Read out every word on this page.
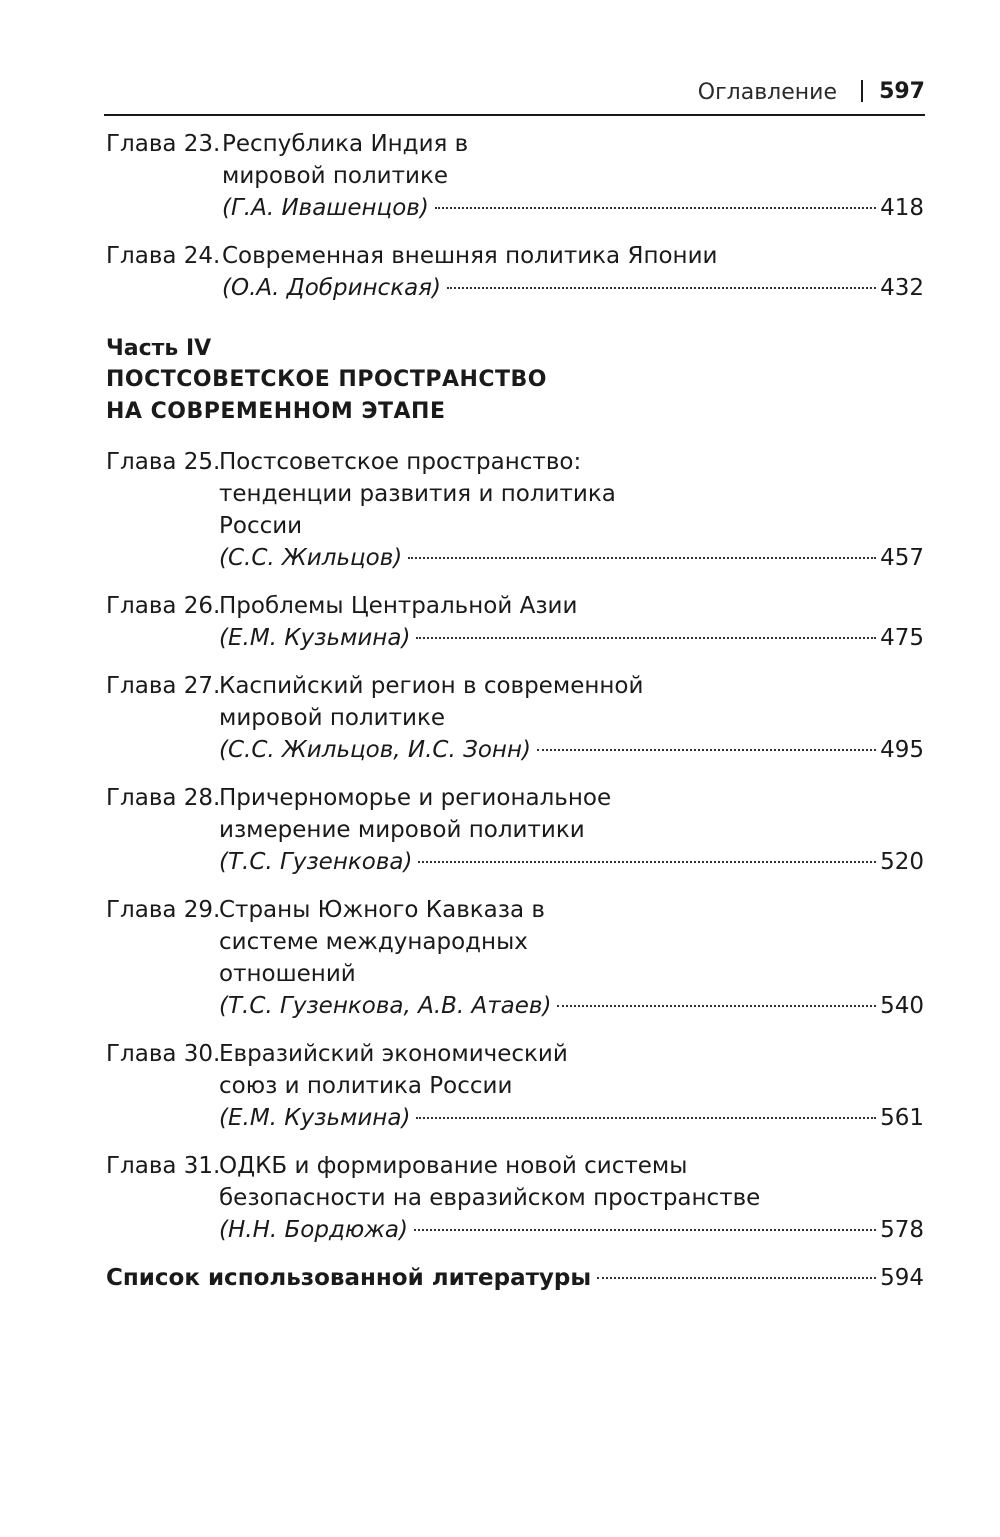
Оглавление 597
Глава 23. Республика Индия в мировой политике
(Г.А. Ивашенцов)	418
Глава 24. Современная внешняя политика Японии
(О.А. Добринская)	432
Часть IV
ПОСТСОВЕТСКОЕ ПРОСТРАНСТВО НА СОВРЕМЕННОМ ЭТАПЕ
Глава 25.
Постсоветское пространство: тенденции развития и политика России
(С.С. Жильцов)	457
Глава 26.
Проблемы Центральной Азии
(Е.М. Кузьмина)	475
Глава 27.
Каспийский регион в современной мировой политике
(С.С. Жильцов, И.С. Зонн)	495
Глава 28.
Причерноморье и региональное измерение мировой политики
(Т.С. Гузенкова)	520
Глава 29.
Страны Южного Кавказа в системе международных отношений
(Т.С. Гузенкова, А.В. Атаев)	540
Глава 30.
Евразийский экономический союз и политика России
(Е.М. Кузьмина)	561
Глава 31.
ОДКБ и формирование новой системы безопасности на евразийском пространстве
(Н.Н. Бордюжа)	578
Список использованной литературы	594
